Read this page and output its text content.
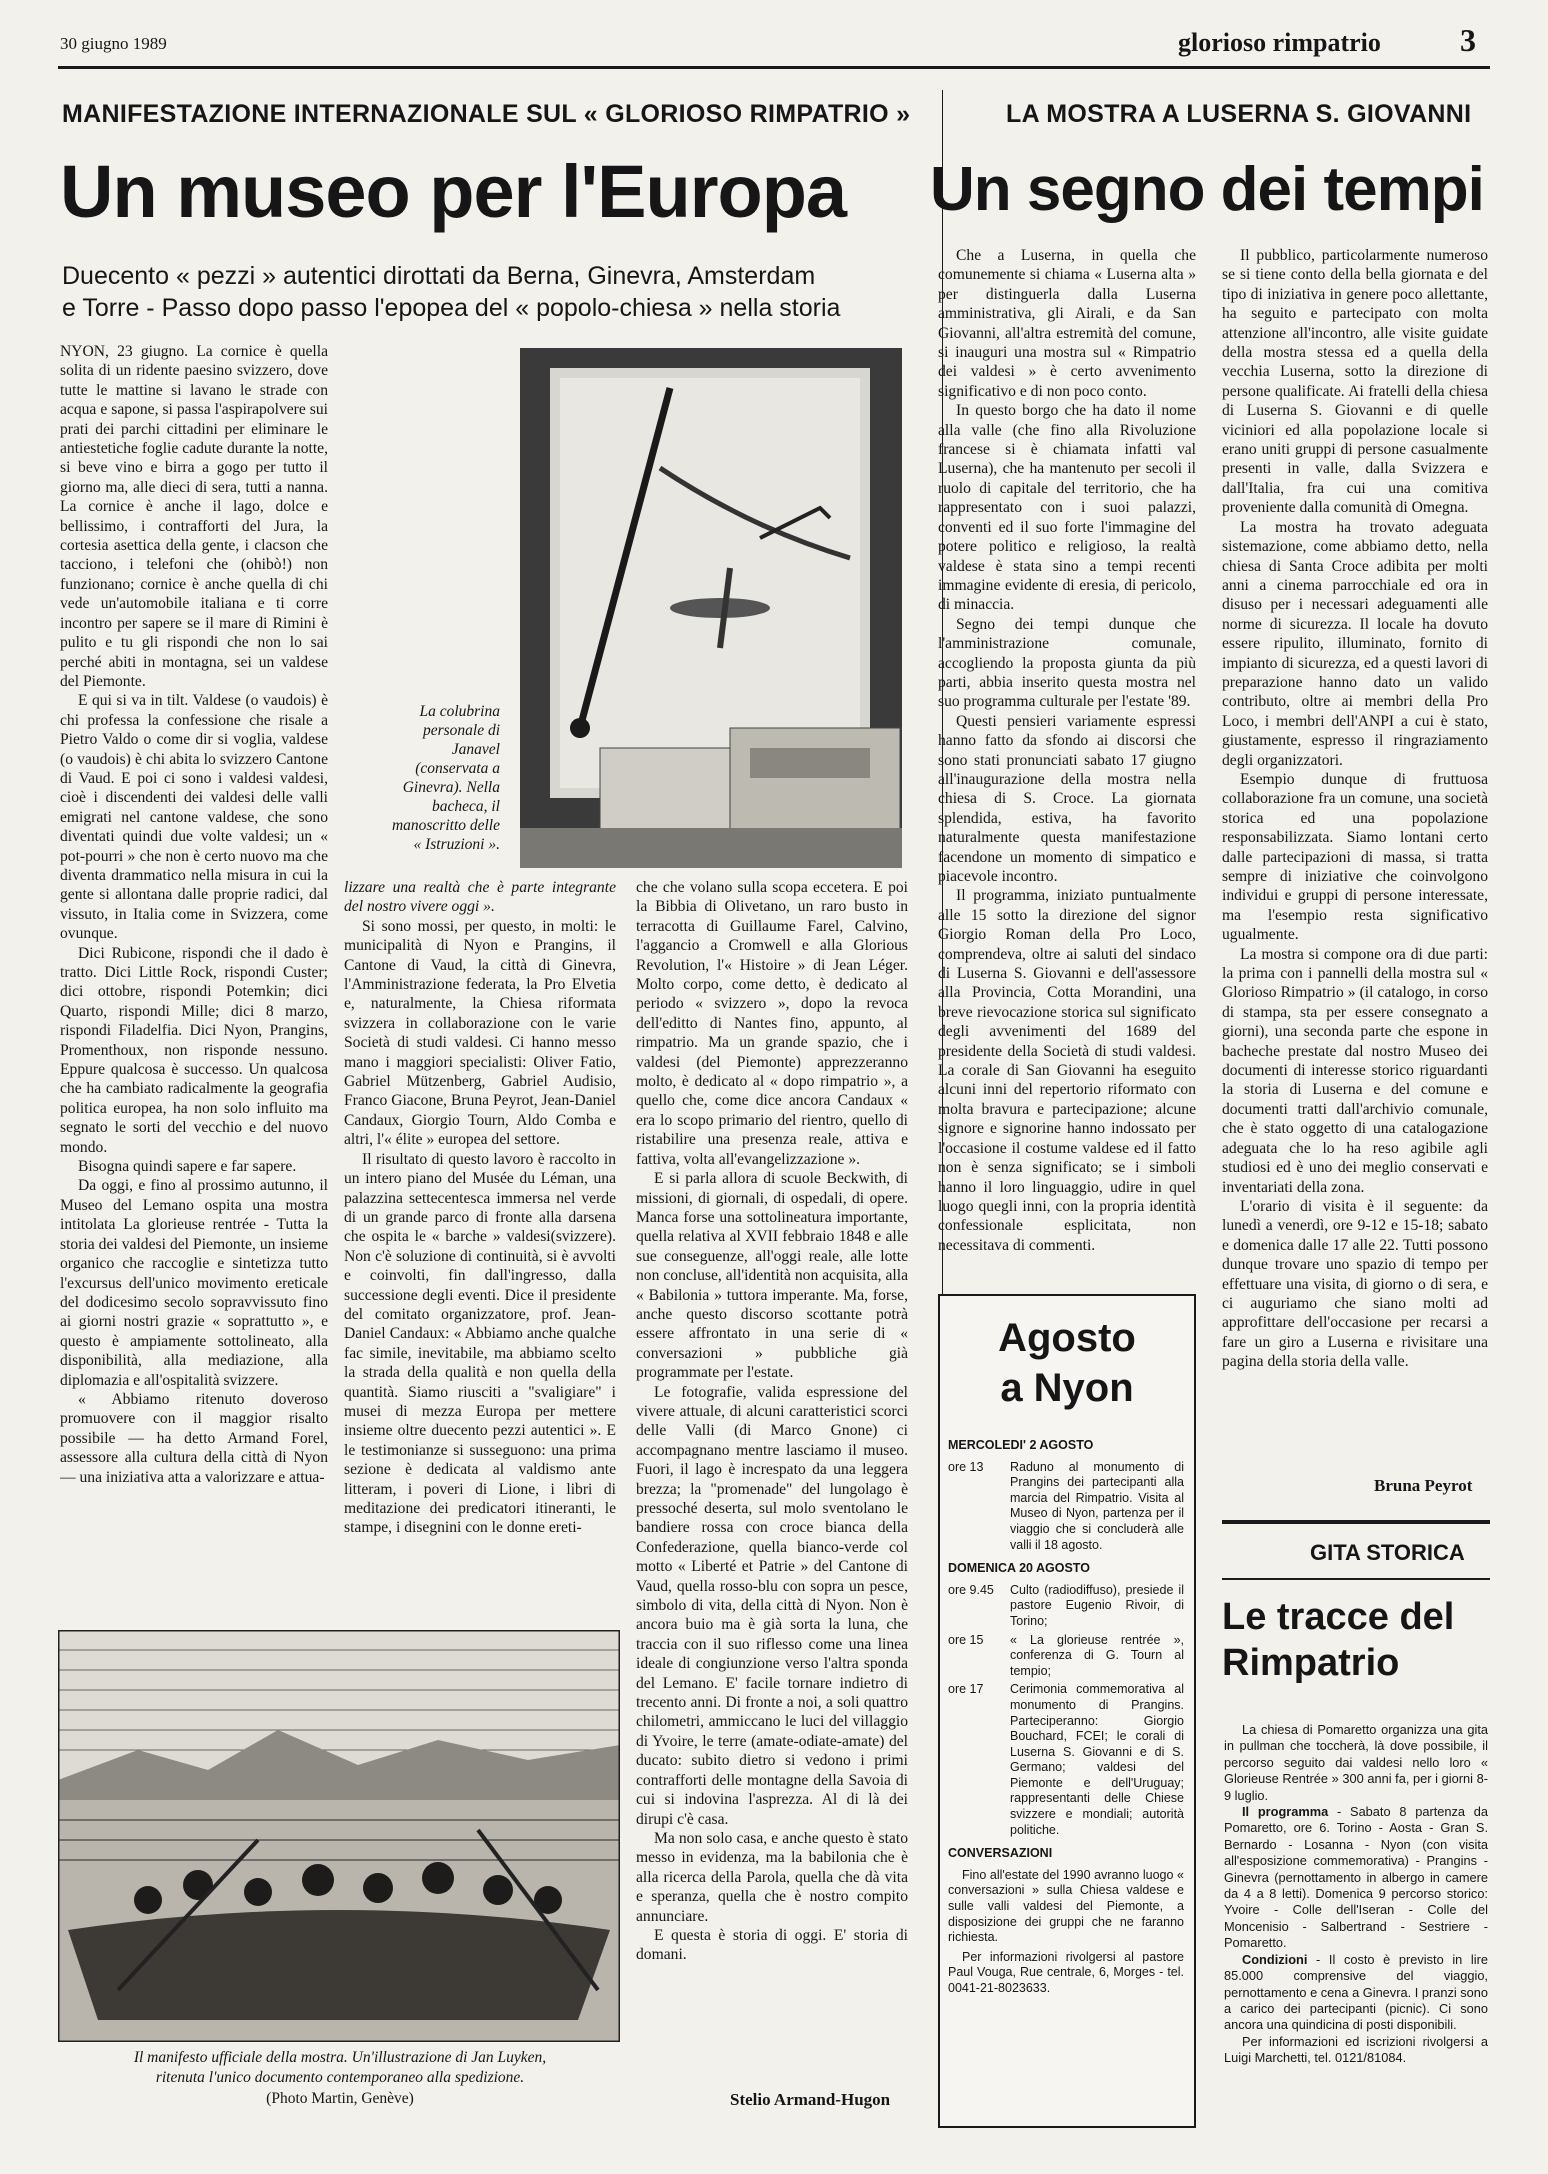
30 giugno 1989	glorioso rimpatrio 3
MANIFESTAZIONE INTERNAZIONALE SUL « GLORIOSO RIMPATRIO »	LA MOSTRA A LUSERNA S. GIOVANNI
Un museo per l'Europa
Duecento « pezzi » autentici dirottati da Berna, Ginevra, Amsterdam
e Torre - Passo dopo passo l'epopea del « popolo-chiesa » nella storia
Un segno dei tempi

NYON, 23 giugno. La cornice è quella solita di un ridente paesino svizzero, dove tutte le mattine si lavano le strade con acqua e sapone, si passa l'aspirapolvere sui prati dei parchi cittadini per eliminare le antiestetiche foglie cadute durante la notte, si beve vino e birra a gogo per tutto il giorno ma, alle dieci di sera, tutti a nanna. La cornice è anche il lago, dolce e bellissimo, i contrafforti del Jura, la cortesia asettica della gente, i clacson che tacciono, i telefoni che (ohibò!) non funzionano; cornice è anche quella di chi vede un'automobile italiana e ti corre incontro per sapere se il mare di Rimini è pulito e tu gli rispondi che non lo sai perché abiti in montagna, sei un valdese del Piemonte.

E qui si va in tilt. Valdese (o vaudois) è chi professa la confessione che risale a Pietro Valdo o come dir si voglia, valdese (o vaudois) è chi abita lo svizzero Cantone di Vaud. E poi ci sono i valdesi valdesi, cioè i discendenti dei valdesi delle valli emigrati nel cantone valdese, che sono diventati quindi due volte valdesi; un « pot-pourri » che non è certo nuovo ma che diventa drammatico nella misura in cui la gente si allontana dalle proprie radici, dal vissuto, in Italia come in Svizzera, come ovunque.

Dici Rubicone, rispondi che il dado è tratto. Dici Little Rock, rispondi Custer; dici ottobre, rispondi Potemkin; dici Quarto, rispondi Mille; dici 8 marzo, rispondi Filadelfia. Dici Nyon, Prangins, Promenthoux, non risponde nessuno. Eppure qualcosa è successo. Un qualcosa che ha cambiato radicalmente la geografia politica europea, ha non solo influito ma segnato le sorti del vecchio e del nuovo mondo.

Bisogna quindi sapere e far sapere.

Da oggi, e fino al prossimo autunno, il Museo del Lemano ospita una mostra intitolata La glorieuse rentrée - Tutta la storia dei valdesi del Piemonte, un insieme organico che raccoglie e sintetizza tutto l'excursus dell'unico movimento ereticale del dodicesimo secolo sopravvissuto fino ai giorni nostri grazie « soprattutto », e questo è ampiamente sottolineato, alla disponibilità, alla mediazione, alla diplomazia e all'ospitalità svizzere.

« Abbiamo ritenuto doveroso promuovere con il maggior risalto possibile — ha detto Armand Forel, assessore alla cultura della città di Nyon — una iniziativa atta a valorizzare e attua-

La colubrina personale di Janavel (conservata a Ginevra). Nella bacheca, il manoscritto delle « Istruzioni ».

lizzare una realtà che è parte integrante del nostro vivere oggi ».

Si sono mossi, per questo, in molti: le municipalità di Nyon e Prangins, il Cantone di Vaud, la città di Ginevra, l'Amministrazione federata, la Pro Elvetia e, naturalmente, la Chiesa riformata svizzera in collaborazione con le varie Società di studi valdesi. Ci hanno messo mano i maggiori specialisti: Oliver Fatio, Gabriel Mützenberg, Gabriel Audisio, Franco Giacone, Bruna Peyrot, Jean-Daniel Candaux, Giorgio Tourn, Aldo Comba e altri, l'« élite » europea del settore.

Il risultato di questo lavoro è raccolto in un intero piano del Musée du Léman, una palazzina settecentesca immersa nel verde di un grande parco di fronte alla darsena che ospita le « barche » valdesi(svizzere). Non c'è soluzione di continuità, si è avvolti e coinvolti, fin dall'ingresso, dalla successione degli eventi. Dice il presidente del comitato organizzatore, prof. Jean-Daniel Candaux: « Abbiamo anche qualche fac simile, inevitabile, ma abbiamo scelto la strada della qualità e non quella della quantità. Siamo riusciti a "svaligiare" i musei di mezza Europa per mettere insieme oltre duecento pezzi autentici ». E le testimonianze si susseguono: una prima sezione è dedicata al valdismo ante litteram, i poveri di Lione, i libri di meditazione dei predicatori itineranti, le stampe, i disegnini con le donne ereti-

che che volano sulla scopa eccetera. E poi la Bibbia di Olivetano, un raro busto in terracotta di Guillaume Farel, Calvino, l'aggancio a Cromwell e alla Glorious Revolution, l'« Histoire » di Jean Léger. Molto corpo, come detto, è dedicato al periodo « svizzero », dopo la revoca dell'editto di Nantes fino, appunto, al rimpatrio. Ma un grande spazio, che i valdesi (del Piemonte) apprezzeranno molto, è dedicato al « dopo rimpatrio », a quello che, come dice ancora Candaux « era lo scopo primario del rientro, quello di ristabilire una presenza reale, attiva e fattiva, volta all'evangelizzazione ».

E si parla allora di scuole Beckwith, di missioni, di giornali, di ospedali, di opere. Manca forse una sottolineatura importante, quella relativa al XVII febbraio 1848 e alle sue conseguenze, all'oggi reale, alle lotte non concluse, all'identità non acquisita, alla « Babilonia » tuttora imperante. Ma, forse, anche questo discorso scottante potrà essere affrontato in una serie di « conversazioni » pubbliche già programmate per l'estate.

Le fotografie, valida espressione del vivere attuale, di alcuni caratteristici scorci delle Valli (di Marco Gnone) ci accompagnano mentre lasciamo il museo. Fuori, il lago è increspato da una leggera brezza; la "promenade" del lungolago è pressoché deserta, sul molo sventolano le bandiere rossa con croce bianca della Confederazione, quella bianco-verde col motto « Liberté et Patrie » del Cantone di Vaud, quella rosso-blu con sopra un pesce, simbolo di vita, della città di Nyon. Non è ancora buio ma è già sorta la luna, che traccia con il suo riflesso come una linea ideale di congiunzione verso l'altra sponda del Lemano. E' facile tornare indietro di trecento anni. Di fronte a noi, a soli quattro chilometri, ammiccano le luci del villaggio di Yvoire, le terre (amate-odiate-amate) del ducato: subito dietro si vedono i primi contrafforti delle montagne della Savoia di cui si indovina l'asprezza. Al di là dei dirupi c'è casa.

Ma non solo casa, e anche questo è stato messo in evidenza, ma la babilonia che è alla ricerca della Parola, quella che dà vita e speranza, quella che è nostro compito annunciare.

E questa è storia di oggi. E' storia di domani.

Stelio Armand-Hugon
Il manifesto ufficiale della mostra. Un'illustrazione di Jan Luyken,
ritenuta l'unico documento contemporaneo alla spedizione.
(Photo Martin, Genève)

Che a Luserna, in quella che comunemente si chiama « Luserna alta » per distinguerla dalla Luserna amministrativa, gli Airali, e da San Giovanni, all'altra estremità del comune, si inauguri una mostra sul « Rimpatrio dei valdesi » è certo avvenimento significativo e di non poco conto.

In questo borgo che ha dato il nome alla valle (che fino alla Rivoluzione francese si è chiamata infatti val Luserna), che ha mantenuto per secoli il ruolo di capitale del territorio, che ha rappresentato con i suoi palazzi, conventi ed il suo forte l'immagine del potere politico e religioso, la realtà valdese è stata sino a tempi recenti immagine evidente di eresia, di pericolo, di minaccia.

Segno dei tempi dunque che l'amministrazione comunale, accogliendo la proposta giunta da più parti, abbia inserito questa mostra nel suo programma culturale per l'estate '89.

Questi pensieri variamente espressi hanno fatto da sfondo ai discorsi che sono stati pronunciati sabato 17 giugno all'inaugurazione della mostra nella chiesa di S. Croce. La giornata splendida, estiva, ha favorito naturalmente questa manifestazione facendone un momento di simpatico e piacevole incontro.

Il programma, iniziato puntualmente alle 15 sotto la direzione del signor Giorgio Roman della Pro Loco, comprendeva, oltre ai saluti del sindaco di Luserna S. Giovanni e dell'assessore alla Provincia, Cotta Morandini, una breve rievocazione storica sul significato degli avvenimenti del 1689 del presidente della Società di studi valdesi. La corale di San Giovanni ha eseguito alcuni inni del repertorio riformato con molta bravura e partecipazione; alcune signore e signorine hanno indossato per l'occasione il costume valdese ed il fatto non è senza significato; se i simboli hanno il loro linguaggio, udire in quel luogo quegli inni, con la propria identità confessionale esplicitata, non necessitava di commenti.

Il pubblico, particolarmente numeroso se si tiene conto della bella giornata e del tipo di iniziativa in genere poco allettante, ha seguito e partecipato con molta attenzione all'incontro, alle visite guidate della mostra stessa ed a quella della vecchia Luserna, sotto la direzione di persone qualificate. Ai fratelli della chiesa di Luserna S. Giovanni e di quelle viciniori ed alla popolazione locale si erano uniti gruppi di persone casualmente presenti in valle, dalla Svizzera e dall'Italia, fra cui una comitiva proveniente dalla comunità di Omegna.

La mostra ha trovato adeguata sistemazione, come abbiamo detto, nella chiesa di Santa Croce adibita per molti anni a cinema parrocchiale ed ora in disuso per i necessari adeguamenti alle norme di sicurezza. Il locale ha dovuto essere ripulito, illuminato, fornito di impianto di sicurezza, ed a questi lavori di preparazione hanno dato un valido contributo, oltre ai membri della Pro Loco, i membri dell'ANPI a cui è stato, giustamente, espresso il ringraziamento degli organizzatori.

Esempio dunque di fruttuosa collaborazione fra un comune, una società storica ed una popolazione responsabilizzata. Siamo lontani certo dalle partecipazioni di massa, si tratta sempre di iniziative che coinvolgono individui e gruppi di persone interessate, ma l'esempio resta significativo ugualmente.

La mostra si compone ora di due parti: la prima con i pannelli della mostra sul « Glorioso Rimpatrio » (il catalogo, in corso di stampa, sta per essere consegnato a giorni), una seconda parte che espone in bacheche prestate dal nostro Museo dei documenti di interesse storico riguardanti la storia di Luserna e del comune e documenti tratti dall'archivio comunale, che è stato oggetto di una catalogazione adeguata che lo ha reso agibile agli studiosi ed è uno dei meglio conservati e inventariati della zona.

L'orario di visita è il seguente: da lunedì a venerdì, ore 9-12 e 15-18; sabato e domenica dalle 17 alle 22. Tutti possono dunque trovare uno spazio di tempo per effettuare una visita, di giorno o di sera, e ci auguriamo che siano molti ad approfittare dell'occasione per recarsi a fare un giro a Luserna e rivisitare una pagina della storia della valle.

Bruna Peyrot
Agosto
a Nyon
MERCOLEDI' 2 AGOSTO
ore 13	Raduno al monumento di Prangins dei partecipanti alla marcia del Rimpatrio. Visita al Museo di Nyon, partenza per il viaggio che si concluderà alle valli il 18 agosto.
DOMENICA 20 AGOSTO
ore 9.45	Culto (radiodiffuso), presiede il pastore Eugenio Rivoir, di Torino;
ore 15	« La glorieuse rentrée », conferenza di G. Tourn al tempio;
ore 17	Cerimonia commemorativa al monumento di Prangins. Parteciperanno: Giorgio Bouchard, FCEI; le corali di Luserna S. Giovanni e di S. Germano; valdesi del Piemonte e dell'Uruguay; rappresentanti delle Chiese svizzere e mondiali; autorità politiche.
CONVERSAZIONI
Fino all'estate del 1990 avranno luogo « conversazioni » sulla Chiesa valdese e sulle valli valdesi del Piemonte, a disposizione dei gruppi che ne faranno richiesta.
Per informazioni rivolgersi al pastore Paul Vouga, Rue centrale, 6, Morges - tel. 0041-21-8023633.
GITA STORICA
Le tracce del
Rimpatrio

La chiesa di Pomaretto organizza una gita in pullman che toccherà, là dove possibile, il percorso seguito dai valdesi nello loro « Glorieuse Rentrée » 300 anni fa, per i giorni 8-9 luglio.

Il programma - Sabato 8 partenza da Pomaretto, ore 6. Torino - Aosta - Gran S. Bernardo - Losanna - Nyon (con visita all'esposizione commemorativa) - Prangins - Ginevra (pernottamento in albergo in camere da 4 a 8 letti). Domenica 9 percorso storico: Yvoire - Colle dell'Iseran - Colle del Moncenisio - Salbertrand - Sestriere - Pomaretto.

Condizioni - Il costo è previsto in lire 85.000 comprensive del viaggio, pernottamento e cena a Ginevra. I pranzi sono a carico dei partecipanti (picnic). Ci sono ancora una quindicina di posti disponibili.

Per informazioni ed iscrizioni rivolgersi a Luigi Marchetti, tel. 0121/81084.
